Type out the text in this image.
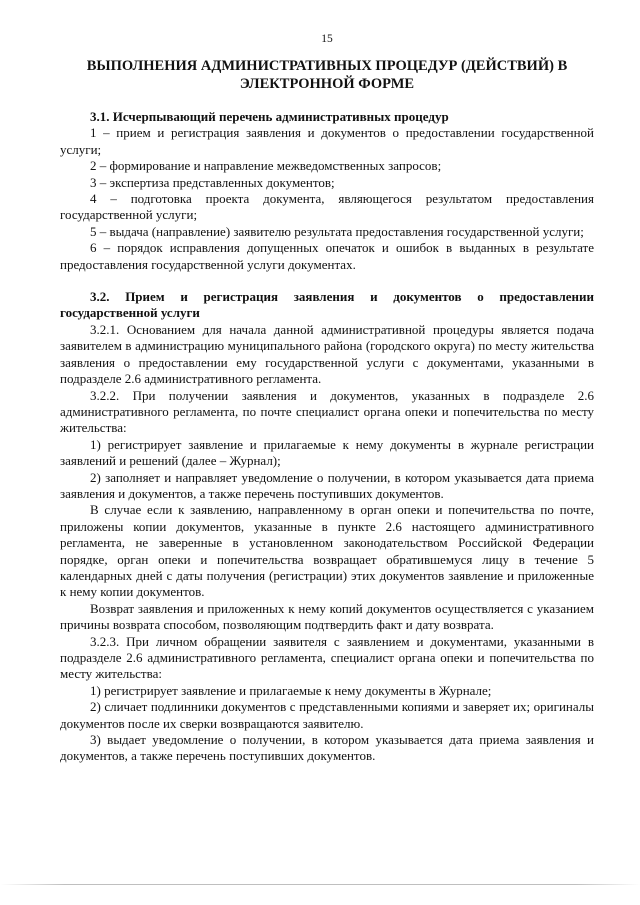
15
ВЫПОЛНЕНИЯ АДМИНИСТРАТИВНЫХ ПРОЦЕДУР (ДЕЙСТВИЙ) В
ЭЛЕКТРОННОЙ ФОРМЕ
3.1. Исчерпывающий перечень административных процедур

1 – прием и регистрация заявления и документов о предоставлении государственной услуги;

2 – формирование и направление межведомственных запросов;

3 – экспертиза представленных документов;

4 – подготовка проекта документа, являющегося результатом предоставления государственной услуги;

5 – выдача (направление) заявителю результата предоставления государственной услуги;

6 – порядок исправления допущенных опечаток и ошибок в выданных в результате предоставления государственной услуги документах.

3.2. Прием и регистрация заявления и документов о предоставлении государственной услуги

3.2.1. Основанием для начала данной административной процедуры является подача заявителем в администрацию муниципального района (городского округа) по месту жительства заявления о предоставлении ему государственной услуги с документами, указанными в подразделе 2.6 административного регламента.

3.2.2. При получении заявления и документов, указанных в подразделе 2.6 административного регламента, по почте специалист органа опеки и попечительства по месту жительства:

1) регистрирует заявление и прилагаемые к нему документы в журнале регистрации заявлений и решений (далее – Журнал);

2) заполняет и направляет уведомление о получении, в котором указывается дата приема заявления и документов, а также перечень поступивших документов.

В случае если к заявлению, направленному в орган опеки и попечительства по почте, приложены копии документов, указанные в пункте 2.6 настоящего административного регламента, не заверенные в установленном законодательством Российской Федерации порядке, орган опеки и попечительства возвращает обратившемуся лицу в течение 5 календарных дней с даты получения (регистрации) этих документов заявление и приложенные к нему копии документов.

Возврат заявления и приложенных к нему копий документов осуществляется с указанием причины возврата способом, позволяющим подтвердить факт и дату возврата.

3.2.3. При личном обращении заявителя с заявлением и документами, указанными в подразделе 2.6 административного регламента, специалист органа опеки и попечительства по месту жительства:

1) регистрирует заявление и прилагаемые к нему документы в Журнале;

2) сличает подлинники документов с представленными копиями и заверяет их; оригиналы документов после их сверки возвращаются заявителю.

3) выдает уведомление о получении, в котором указывается дата приема заявления и документов, а также перечень поступивших документов.
